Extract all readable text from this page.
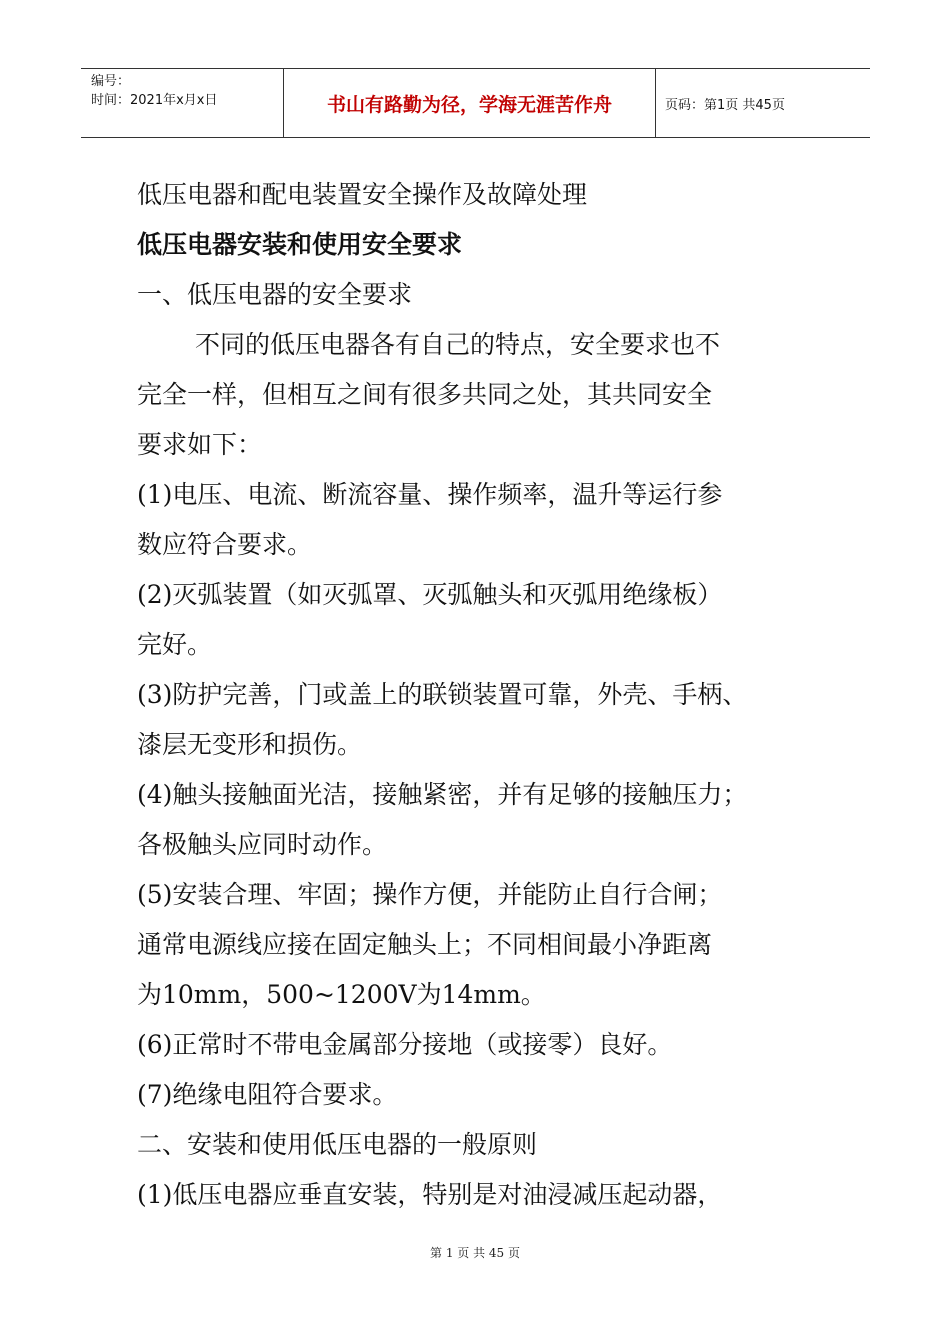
编号：
时间：2021年x月x日	书山有路勤为径，学海无涯苦作舟	页码：第1页 共45页
低压电器和配电装置安全操作及故障处理
低压电器安装和使用安全要求
一、低压电器的安全要求
不同的低压电器各有自己的特点，安全要求也不
完全一样，但相互之间有很多共同之处，其共同安全
要求如下：
(1)电压、电流、断流容量、操作频率，温升等运行参
数应符合要求。
(2)灭弧装置（如灭弧罩、灭弧触头和灭弧用绝缘板）
完好。
(3)防护完善，门或盖上的联锁装置可靠，外壳、手柄、
漆层无变形和损伤。
(4)触头接触面光洁，接触紧密，并有足够的接触压力；
各极触头应同时动作。
(5)安装合理、牢固；操作方便，并能防止自行合闸；
通常电源线应接在固定触头上；不同相间最小净距离
为10mm，500~1200V为14mm。
(6)正常时不带电金属部分接地（或接零）良好。
(7)绝缘电阻符合要求。
二、安装和使用低压电器的一般原则
(1)低压电器应垂直安装，特别是对油浸减压起动器，
第 1 页 共 45 页
